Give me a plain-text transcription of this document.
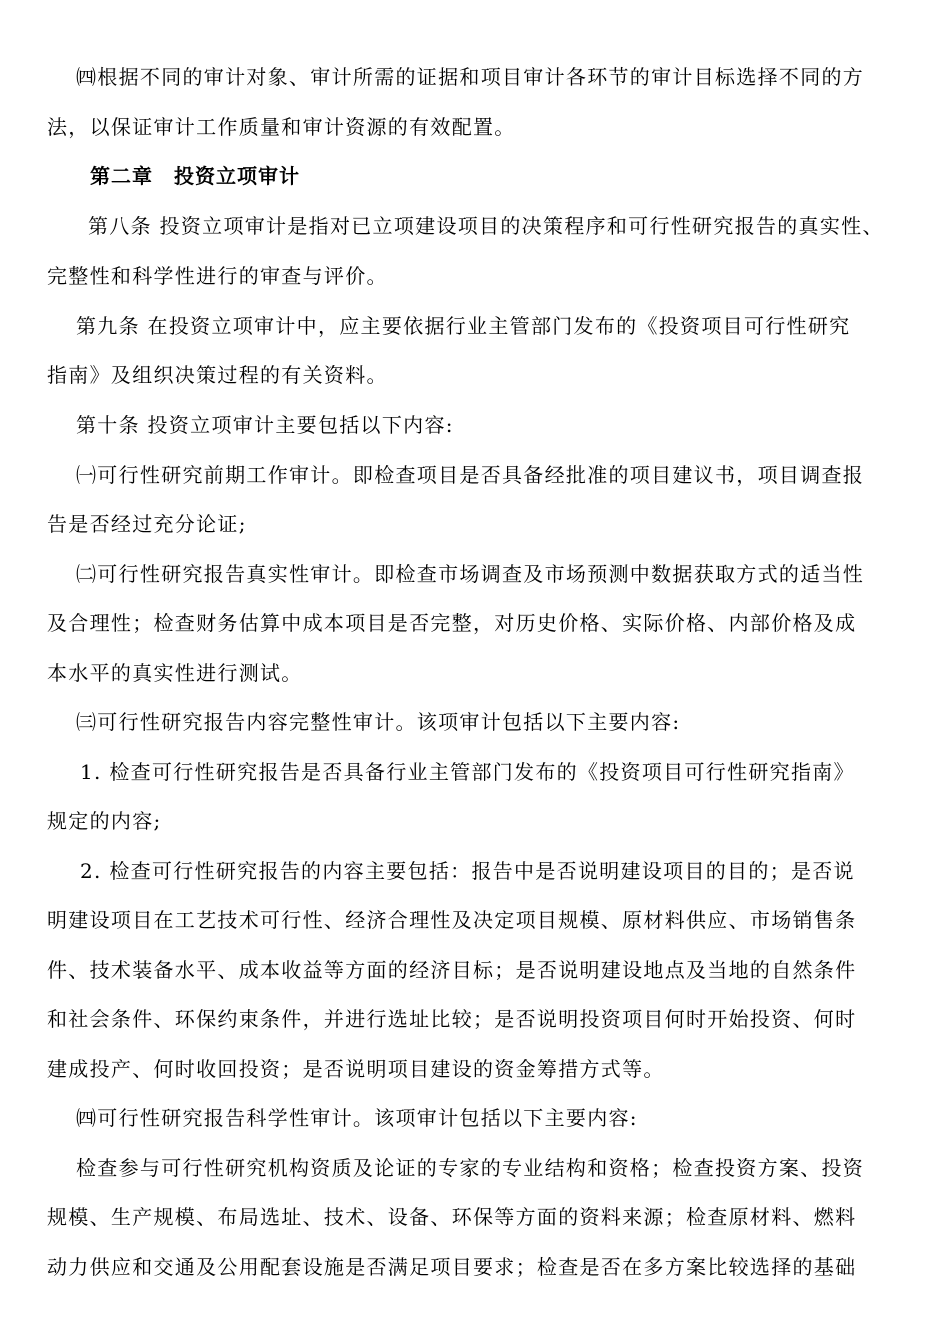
㈣根据不同的审计对象、审计所需的证据和项目审计各环节的审计目标选择不同的方
法，以保证审计工作质量和审计资源的有效配置。
第二章　投资立项审计
第八条 投资立项审计是指对已立项建设项目的决策程序和可行性研究报告的真实性、
完整性和科学性进行的审查与评价。
第九条 在投资立项审计中，应主要依据行业主管部门发布的《投资项目可行性研究
指南》及组织决策过程的有关资料。
第十条 投资立项审计主要包括以下内容:
㈠可行性研究前期工作审计。即检查项目是否具备经批准的项目建议书，项目调查报
告是否经过充分论证;
㈡可行性研究报告真实性审计。即检查市场调查及市场预测中数据获取方式的适当性
及合理性；检查财务估算中成本项目是否完整，对历史价格、实际价格、内部价格及成
本水平的真实性进行测试。
㈢可行性研究报告内容完整性审计。该项审计包括以下主要内容:
1. 检查可行性研究报告是否具备行业主管部门发布的《投资项目可行性研究指南》
规定的内容;
2. 检查可行性研究报告的内容主要包括：报告中是否说明建设项目的目的；是否说
明建设项目在工艺技术可行性、经济合理性及决定项目规模、原材料供应、市场销售条
件、技术装备水平、成本收益等方面的经济目标；是否说明建设地点及当地的自然条件
和社会条件、环保约束条件，并进行选址比较；是否说明投资项目何时开始投资、何时
建成投产、何时收回投资；是否说明项目建设的资金筹措方式等。
㈣可行性研究报告科学性审计。该项审计包括以下主要内容:
检查参与可行性研究机构资质及论证的专家的专业结构和资格；检查投资方案、投资
规模、生产规模、布局选址、技术、设备、环保等方面的资料来源；检查原材料、燃料
动力供应和交通及公用配套设施是否满足项目要求；检查是否在多方案比较选择的基础
